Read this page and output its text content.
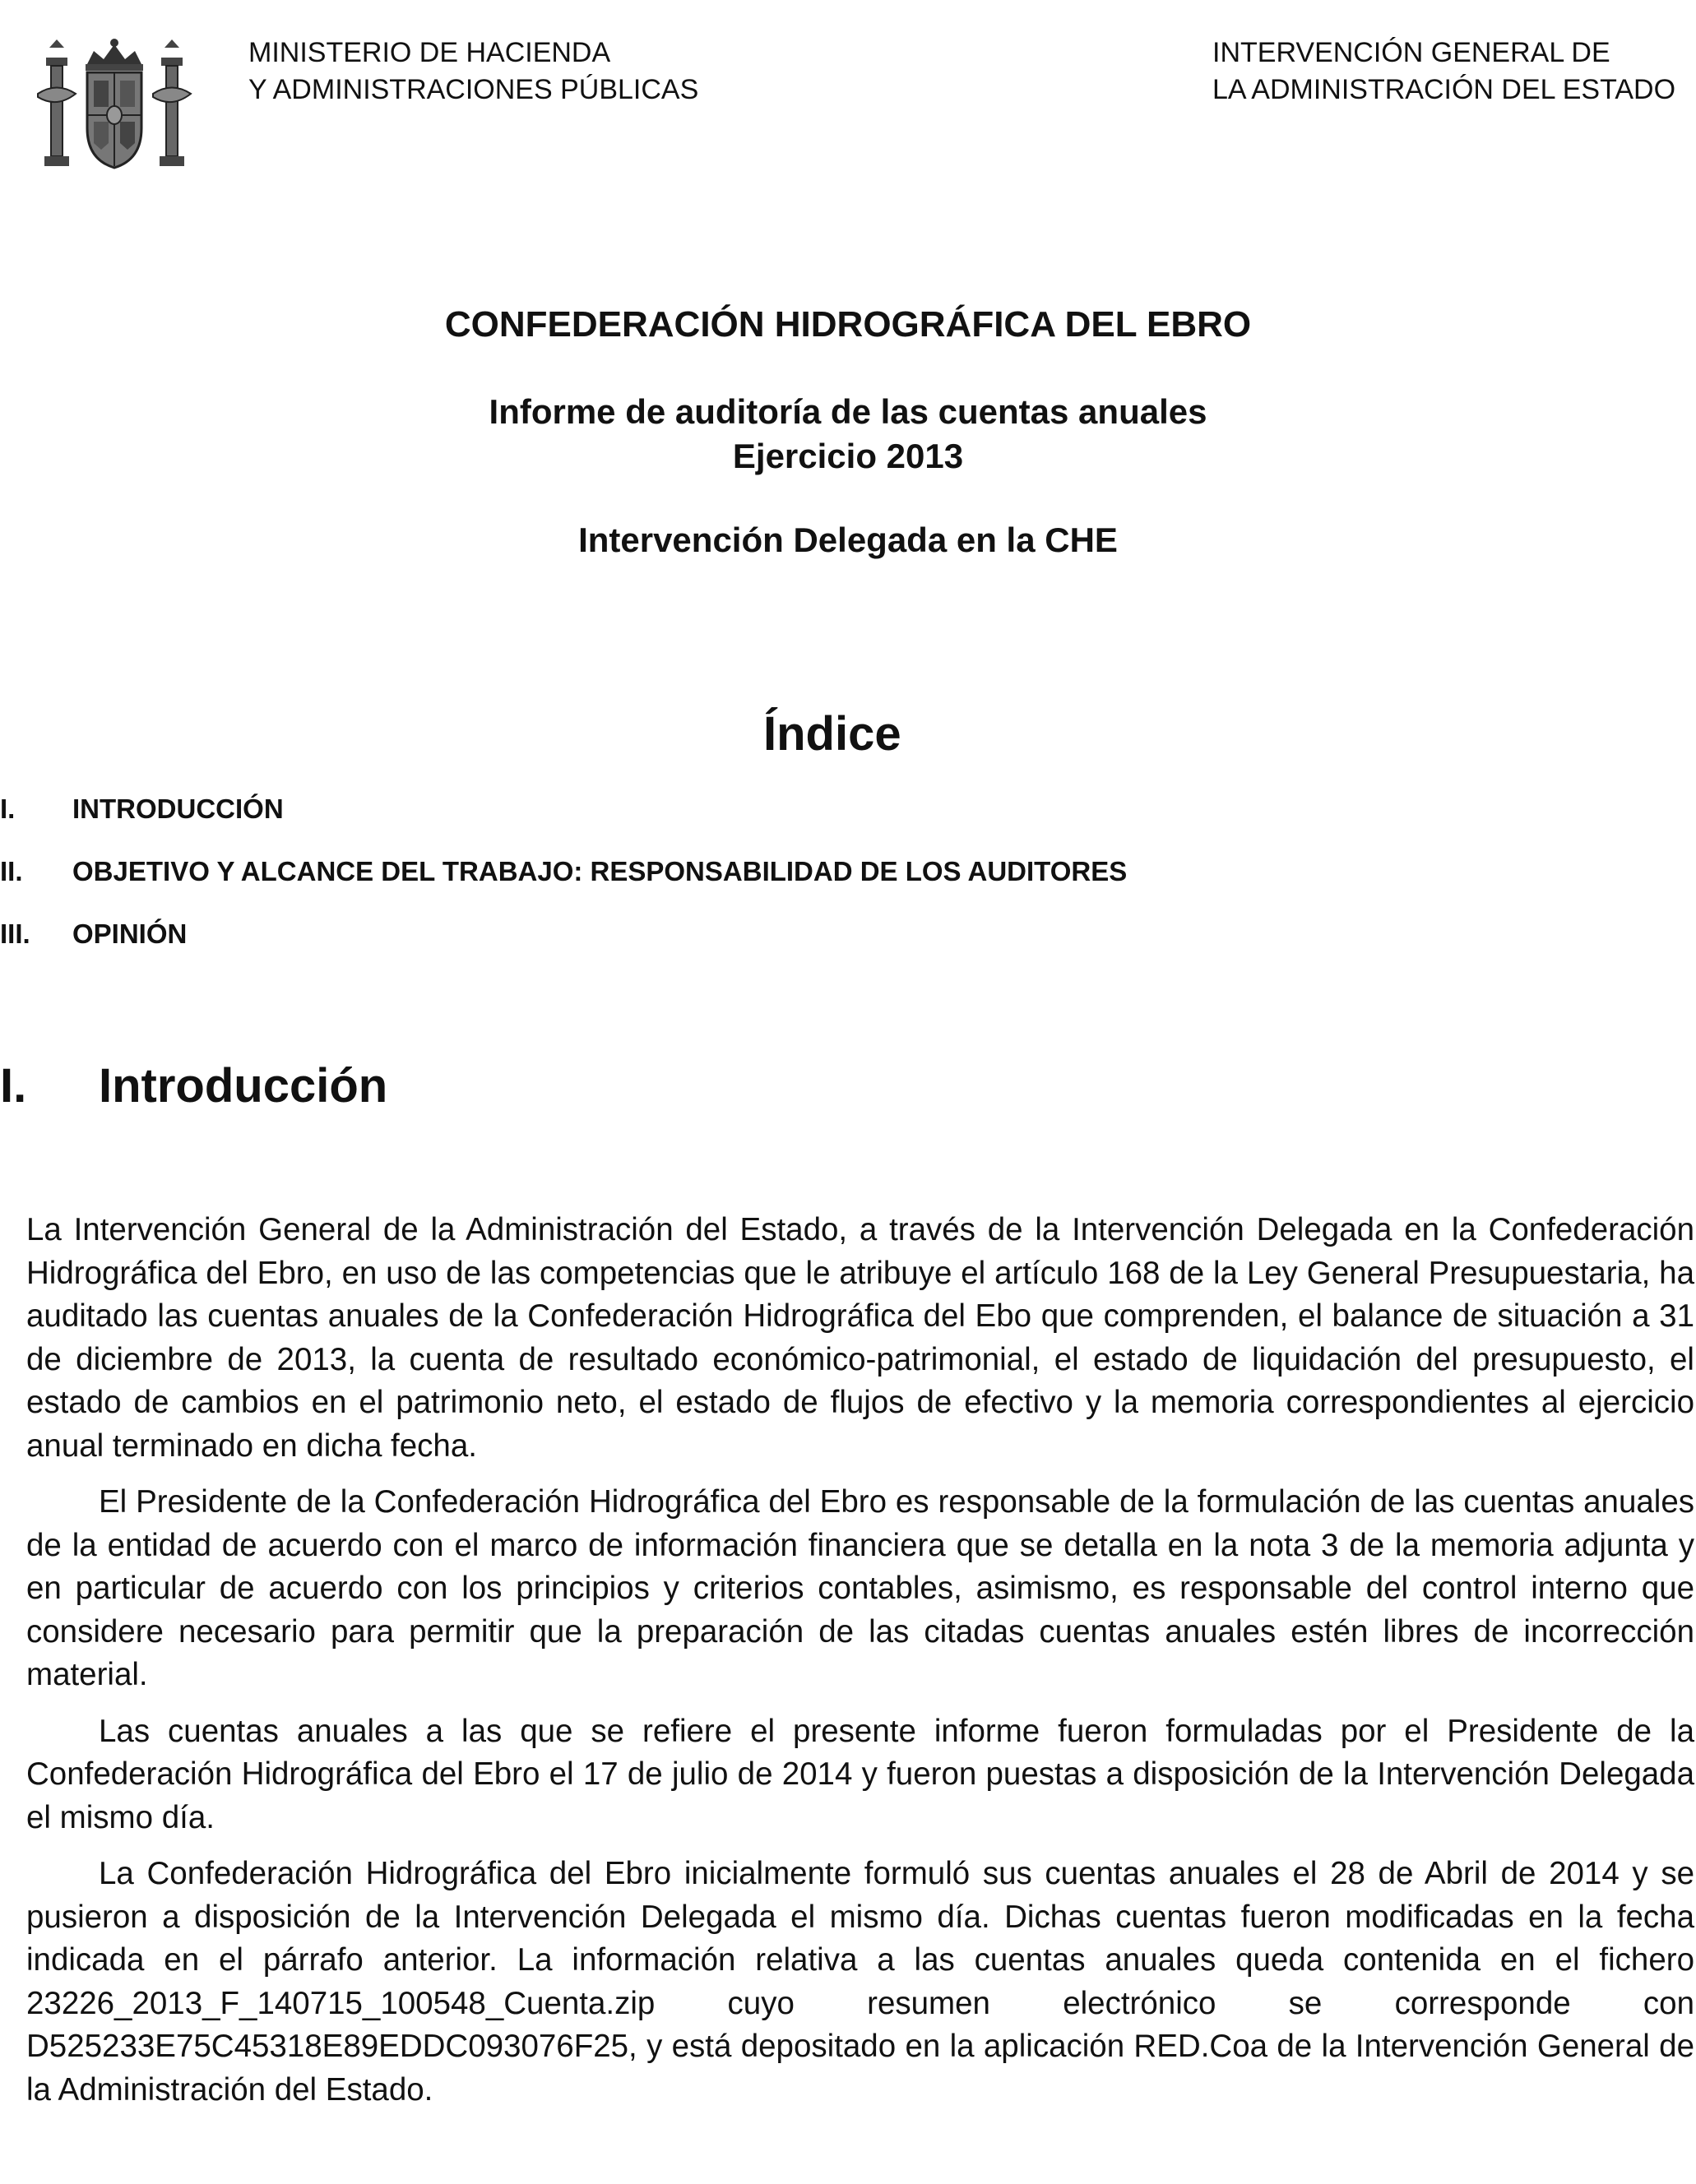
MINISTERIO DE HACIENDA
Y ADMINISTRACIONES PÚBLICAS
INTERVENCIÓN GENERAL DE
LA ADMINISTRACIÓN DEL ESTADO
CONFEDERACIÓN HIDROGRÁFICA DEL EBRO
Informe de auditoría de las cuentas anuales
Ejercicio 2013
Intervención Delegada en la CHE
Índice
I. INTRODUCCIÓN
II. OBJETIVO Y ALCANCE DEL TRABAJO: RESPONSABILIDAD DE LOS AUDITORES
III. OPINIÓN
I. Introducción

La Intervención General de la Administración del Estado, a través de la Intervención Delegada en la Confederación Hidrográfica del Ebro, en uso de las competencias que le atribuye el artículo 168 de la Ley General Presupuestaria, ha auditado las cuentas anuales de la Confederación Hidrográfica del Ebo que comprenden, el balance de situación a 31 de diciembre de 2013, la cuenta de resultado económico-patrimonial, el estado de liquidación del presupuesto, el estado de cambios en el patrimonio neto, el estado de flujos de efectivo y la memoria correspondientes al ejercicio anual terminado en dicha fecha.

El Presidente de la Confederación Hidrográfica del Ebro es responsable de la formulación de las cuentas anuales de la entidad de acuerdo con el marco de información financiera que se detalla en la nota 3 de la memoria adjunta y en particular de acuerdo con los principios y criterios contables, asimismo, es responsable del control interno que considere necesario para permitir que la preparación de las citadas cuentas anuales estén libres de incorrección material.

Las cuentas anuales a las que se refiere el presente informe fueron formuladas por el Presidente de la Confederación Hidrográfica del Ebro el 17 de julio de 2014 y fueron puestas a disposición de la Intervención Delegada el mismo día.

La Confederación Hidrográfica del Ebro inicialmente formuló sus cuentas anuales el 28 de Abril de 2014 y se pusieron a disposición de la Intervención Delegada el mismo día. Dichas cuentas fueron modificadas en la fecha indicada en el párrafo anterior. La información relativa a las cuentas anuales queda contenida en el fichero 23226_2013_F_140715_100548_Cuenta.zip cuyo resumen electrónico se corresponde con D525233E75C45318E89EDDC093076F25, y está depositado en la aplicación RED.Coa de la Intervención General de la Administración del Estado.
